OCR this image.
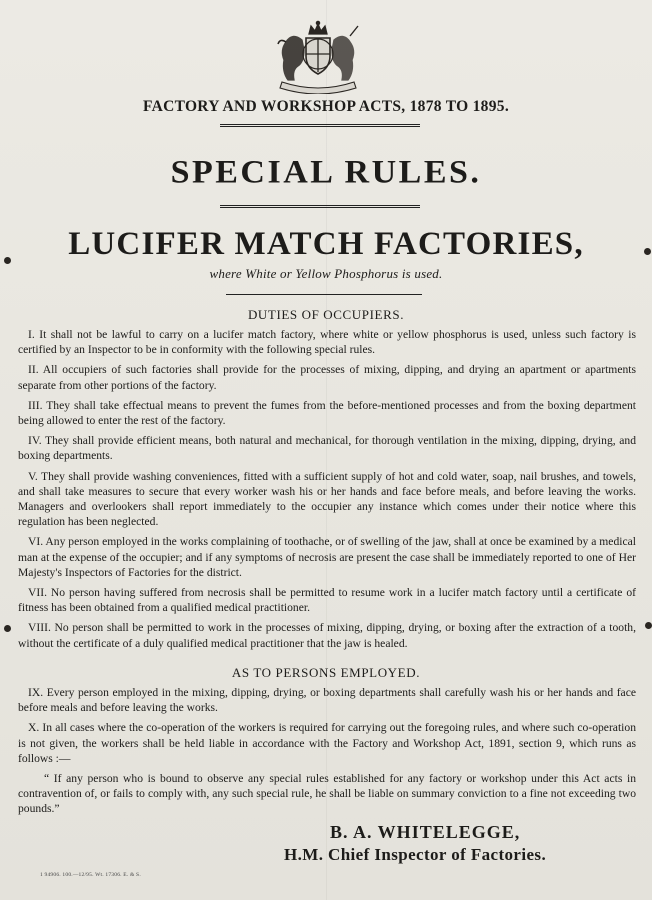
FACTORY AND WORKSHOP ACTS, 1878 TO 1895.
SPECIAL RULES.
LUCIFER MATCH FACTORIES,
where White or Yellow Phosphorus is used.
DUTIES OF OCCUPIERS.

I. It shall not be lawful to carry on a lucifer match factory, where white or yellow phosphorus is used, unless such factory is certified by an Inspector to be in conformity with the following special rules.

II. All occupiers of such factories shall provide for the processes of mixing, dipping, and drying an apartment or apartments separate from other portions of the factory.

III. They shall take effectual means to prevent the fumes from the before-mentioned processes and from the boxing department being allowed to enter the rest of the factory.

IV. They shall provide efficient means, both natural and mechanical, for thorough ventilation in the mixing, dipping, drying, and boxing departments.

V. They shall provide washing conveniences, fitted with a sufficient supply of hot and cold water, soap, nail brushes, and towels, and shall take measures to secure that every worker wash his or her hands and face before meals, and before leaving the works. Managers and overlookers shall report immediately to the occupier any instance which comes under their notice where this regulation has been neglected.

VI. Any person employed in the works complaining of toothache, or of swelling of the jaw, shall at once be examined by a medical man at the expense of the occupier; and if any symptoms of necrosis are present the case shall be immediately reported to one of Her Majesty's Inspectors of Factories for the district.

VII. No person having suffered from necrosis shall be permitted to resume work in a lucifer match factory until a certificate of fitness has been obtained from a qualified medical practitioner.

VIII. No person shall be permitted to work in the processes of mixing, dipping, drying, or boxing after the extraction of a tooth, without the certificate of a duly qualified medical practitioner that the jaw is healed.

AS TO PERSONS EMPLOYED.

IX. Every person employed in the mixing, dipping, drying, or boxing departments shall carefully wash his or her hands and face before meals and before leaving the works.

X. In all cases where the co-operation of the workers is required for carrying out the foregoing rules, and where such co-operation is not given, the workers shall be held liable in accordance with the Factory and Workshop Act, 1891, section 9, which runs as follows :—

“ If any person who is bound to observe any special rules established for any factory or workshop under this Act acts in contravention of, or fails to comply with, any such special rule, he shall be liable on summary conviction to a fine not exceeding two pounds.”

B. A. WHITELEGGE,
H.M. Chief Inspector of Factories.
1 94906. 100.—12/95. Wt. 17306. E. & S.
